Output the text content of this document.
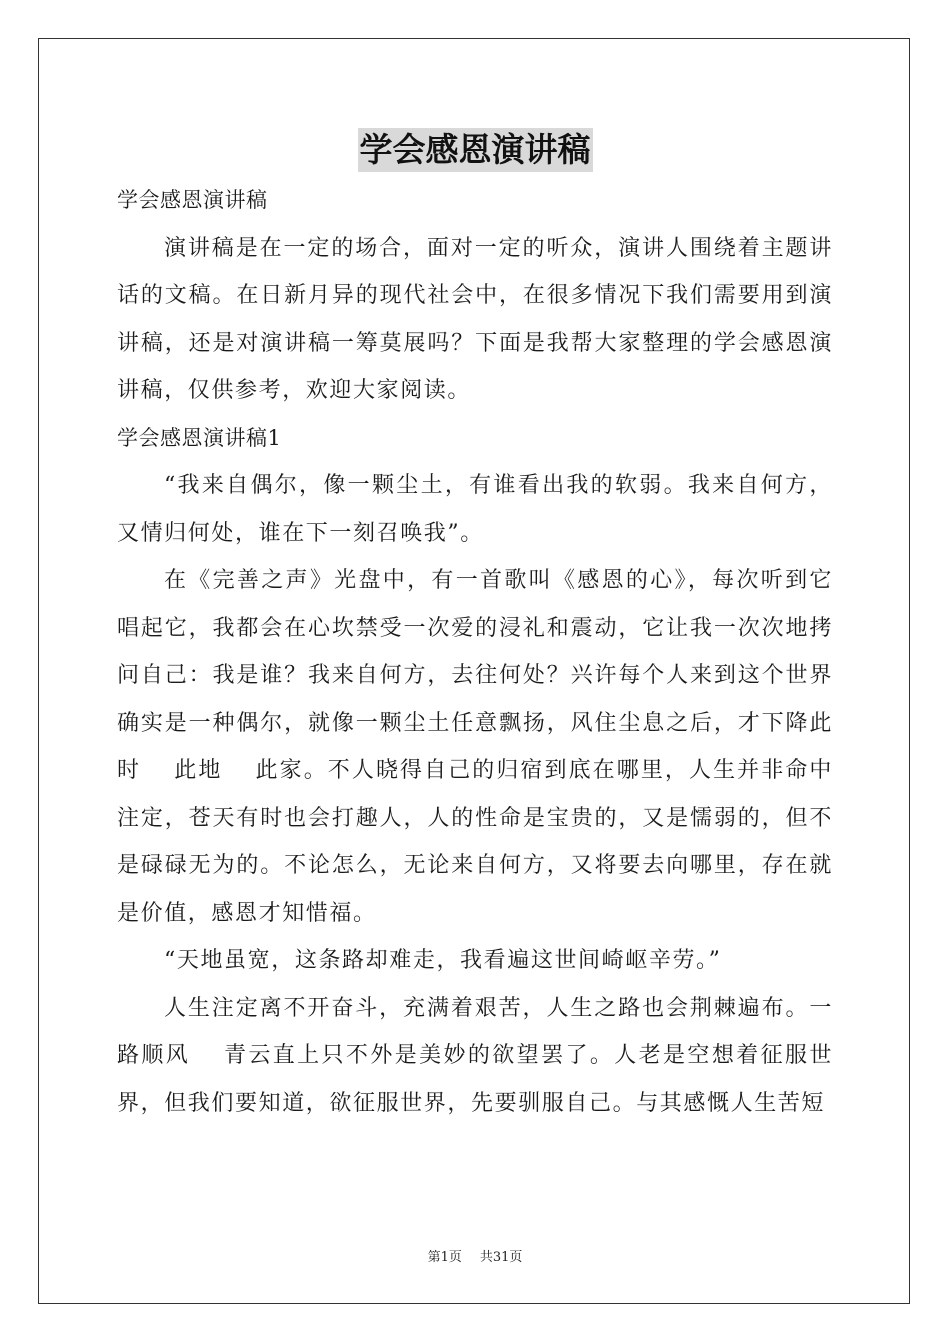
学会感恩演讲稿

学会感恩演讲稿

演讲稿是在一定的场合，面对一定的听众，演讲人围绕着主题讲话的文稿。在日新月异的现代社会中，在很多情况下我们需要用到演讲稿，还是对演讲稿一筹莫展吗？下面是我帮大家整理的学会感恩演讲稿，仅供参考，欢迎大家阅读。

学会感恩演讲稿1

“我来自偶尔，像一颗尘土，有谁看出我的软弱。我来自何方，又情归何处，谁在下一刻召唤我”。

在《完善之声》光盘中，有一首歌叫《感恩的心》，每次听到它唱起它，我都会在心坎禁受一次爱的浸礼和震动，它让我一次次地拷问自己：我是谁？我来自何方，去往何处？兴许每个人来到这个世界确实是一种偶尔，就像一颗尘土任意飘扬，风住尘息之后，才下降此时　 此地　 此家。不人晓得自己的归宿到底在哪里，人生并非命中注定，苍天有时也会打趣人，人的性命是宝贵的，又是懦弱的，但不是碌碌无为的。不论怎么，无论来自何方，又将要去向哪里，存在就是价值，感恩才知惜福。

“天地虽宽，这条路却难走，我看遍这世间崎岖辛劳。”

人生注定离不开奋斗，充满着艰苦，人生之路也会荆棘遍布。一路顺风　 青云直上只不外是美妙的欲望罢了。人老是空想着征服世界，但我们要知道，欲征服世界，先要驯服自己。与其感慨人生苦短

第1页 共31页
